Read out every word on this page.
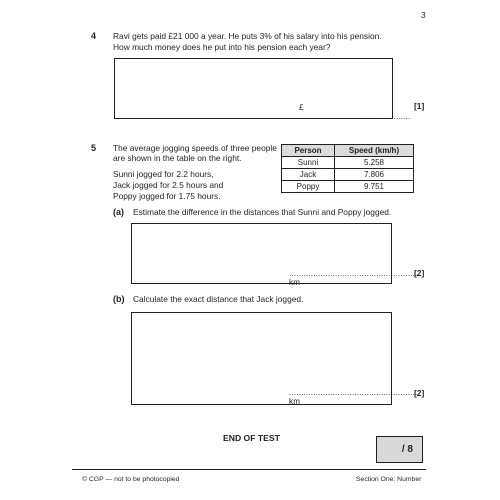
3
4 Ravi gets paid £21 000 a year. He puts 3% of his salary into his pension.
How much money does he put into his pension each year?
£ ..............................................
[1]
5 The average jogging speeds of three people
are shown in the table on the right.
Sunni jogged for 2.2 hours,
Jack jogged for 2.5 hours and
Poppy jogged for 1.75 hours.
Person	Speed (km/h)
Sunni	5.258
Jack	7.806
Poppy	9.751
(a) Estimate the difference in the distances that Sunni and Poppy jogged.
..................................................... km
[2]
(b) Calculate the exact distance that Jack jogged.
..................................................... km
[2]
END OF TEST
/ 8
© CGP — not to be photocopied	Section One: Number
